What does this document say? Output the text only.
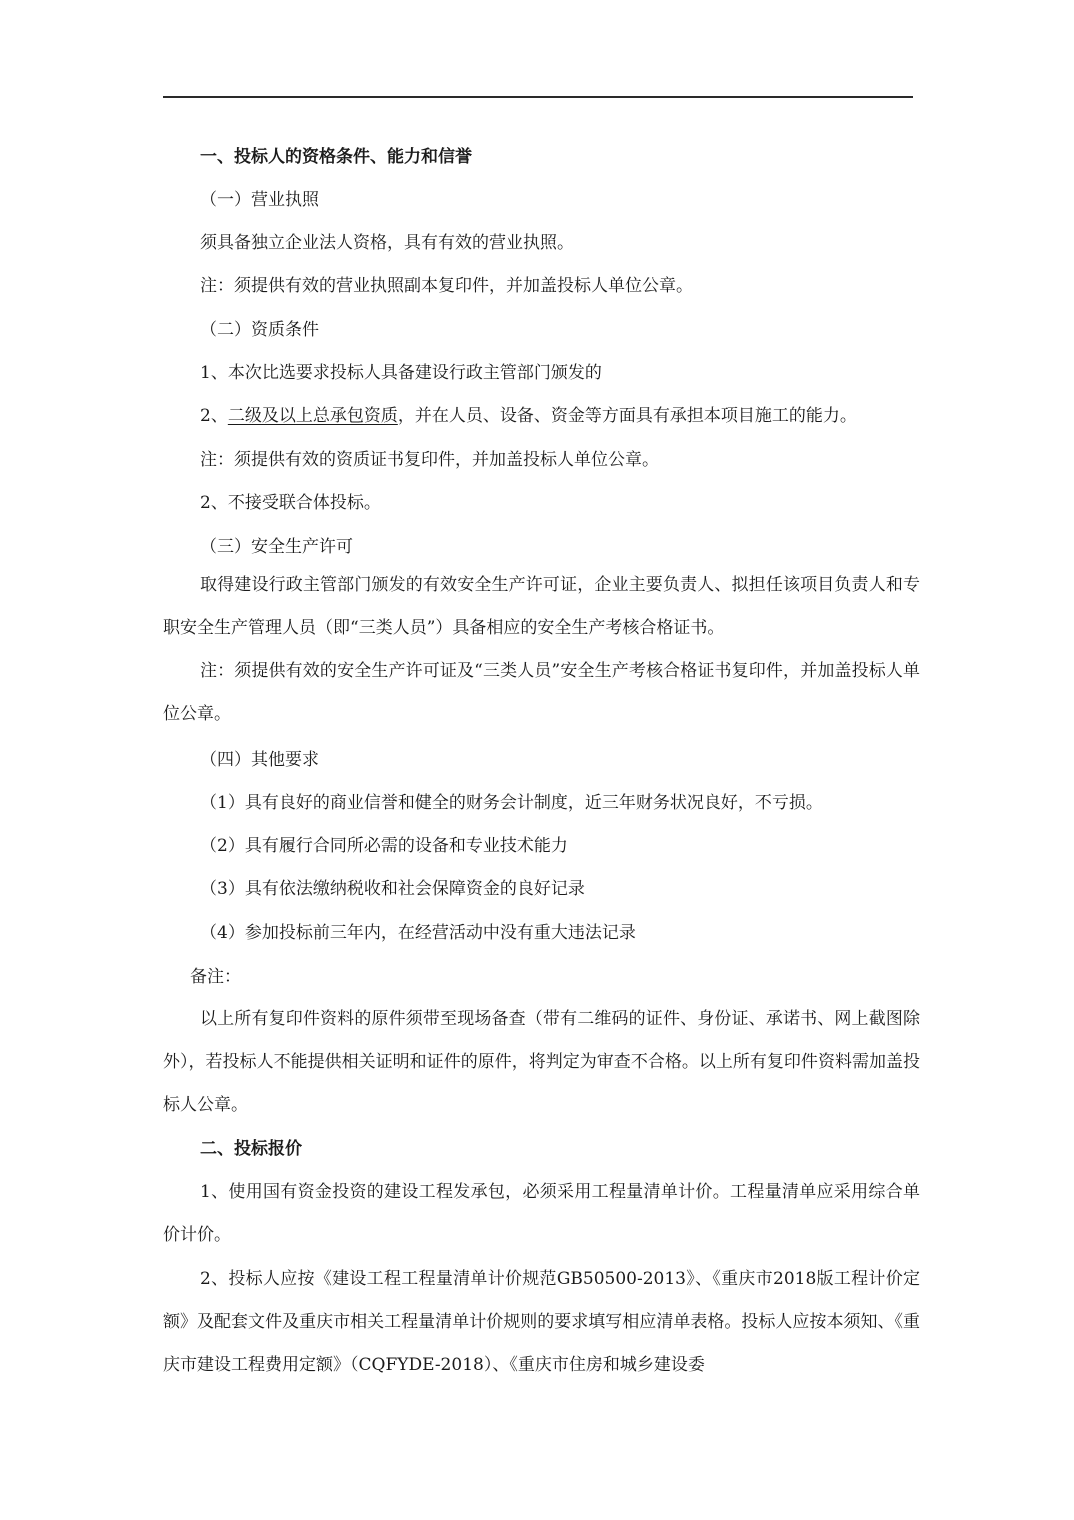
一、投标人的资格条件、能力和信誉

（一）营业执照

须具备独立企业法人资格，具有有效的营业执照。

注：须提供有效的营业执照副本复印件，并加盖投标人单位公章。

（二）资质条件

1、本次比选要求投标人具备建设行政主管部门颁发的

2、二级及以上总承包资质，并在人员、设备、资金等方面具有承担本项目施工的能力。

注：须提供有效的资质证书复印件，并加盖投标人单位公章。

2、不接受联合体投标。

（三）安全生产许可

取得建设行政主管部门颁发的有效安全生产许可证，企业主要负责人、拟担任该项目负责人和专职安全生产管理人员（即“三类人员”）具备相应的安全生产考核合格证书。

注：须提供有效的安全生产许可证及“三类人员”安全生产考核合格证书复印件，并加盖投标人单位公章。

（四）其他要求

（1）具有良好的商业信誉和健全的财务会计制度，近三年财务状况良好，不亏损。

（2）具有履行合同所必需的设备和专业技术能力

（3）具有依法缴纳税收和社会保障资金的良好记录

（4）参加投标前三年内，在经营活动中没有重大违法记录

备注：

以上所有复印件资料的原件须带至现场备查（带有二维码的证件、身份证、承诺书、网上截图除外），若投标人不能提供相关证明和证件的原件，将判定为审查不合格。以上所有复印件资料需加盖投标人公章。

二、投标报价

1、使用国有资金投资的建设工程发承包，必须采用工程量清单计价。工程量清单应采用综合单价计价。

2、投标人应按《建设工程工程量清单计价规范GB50500-2013》、《重庆市2018版工程计价定额》及配套文件及重庆市相关工程量清单计价规则的要求填写相应清单表格。投标人应按本须知、《重庆市建设工程费用定额》（CQFYDE-2018）、《重庆市住房和城乡建设委
